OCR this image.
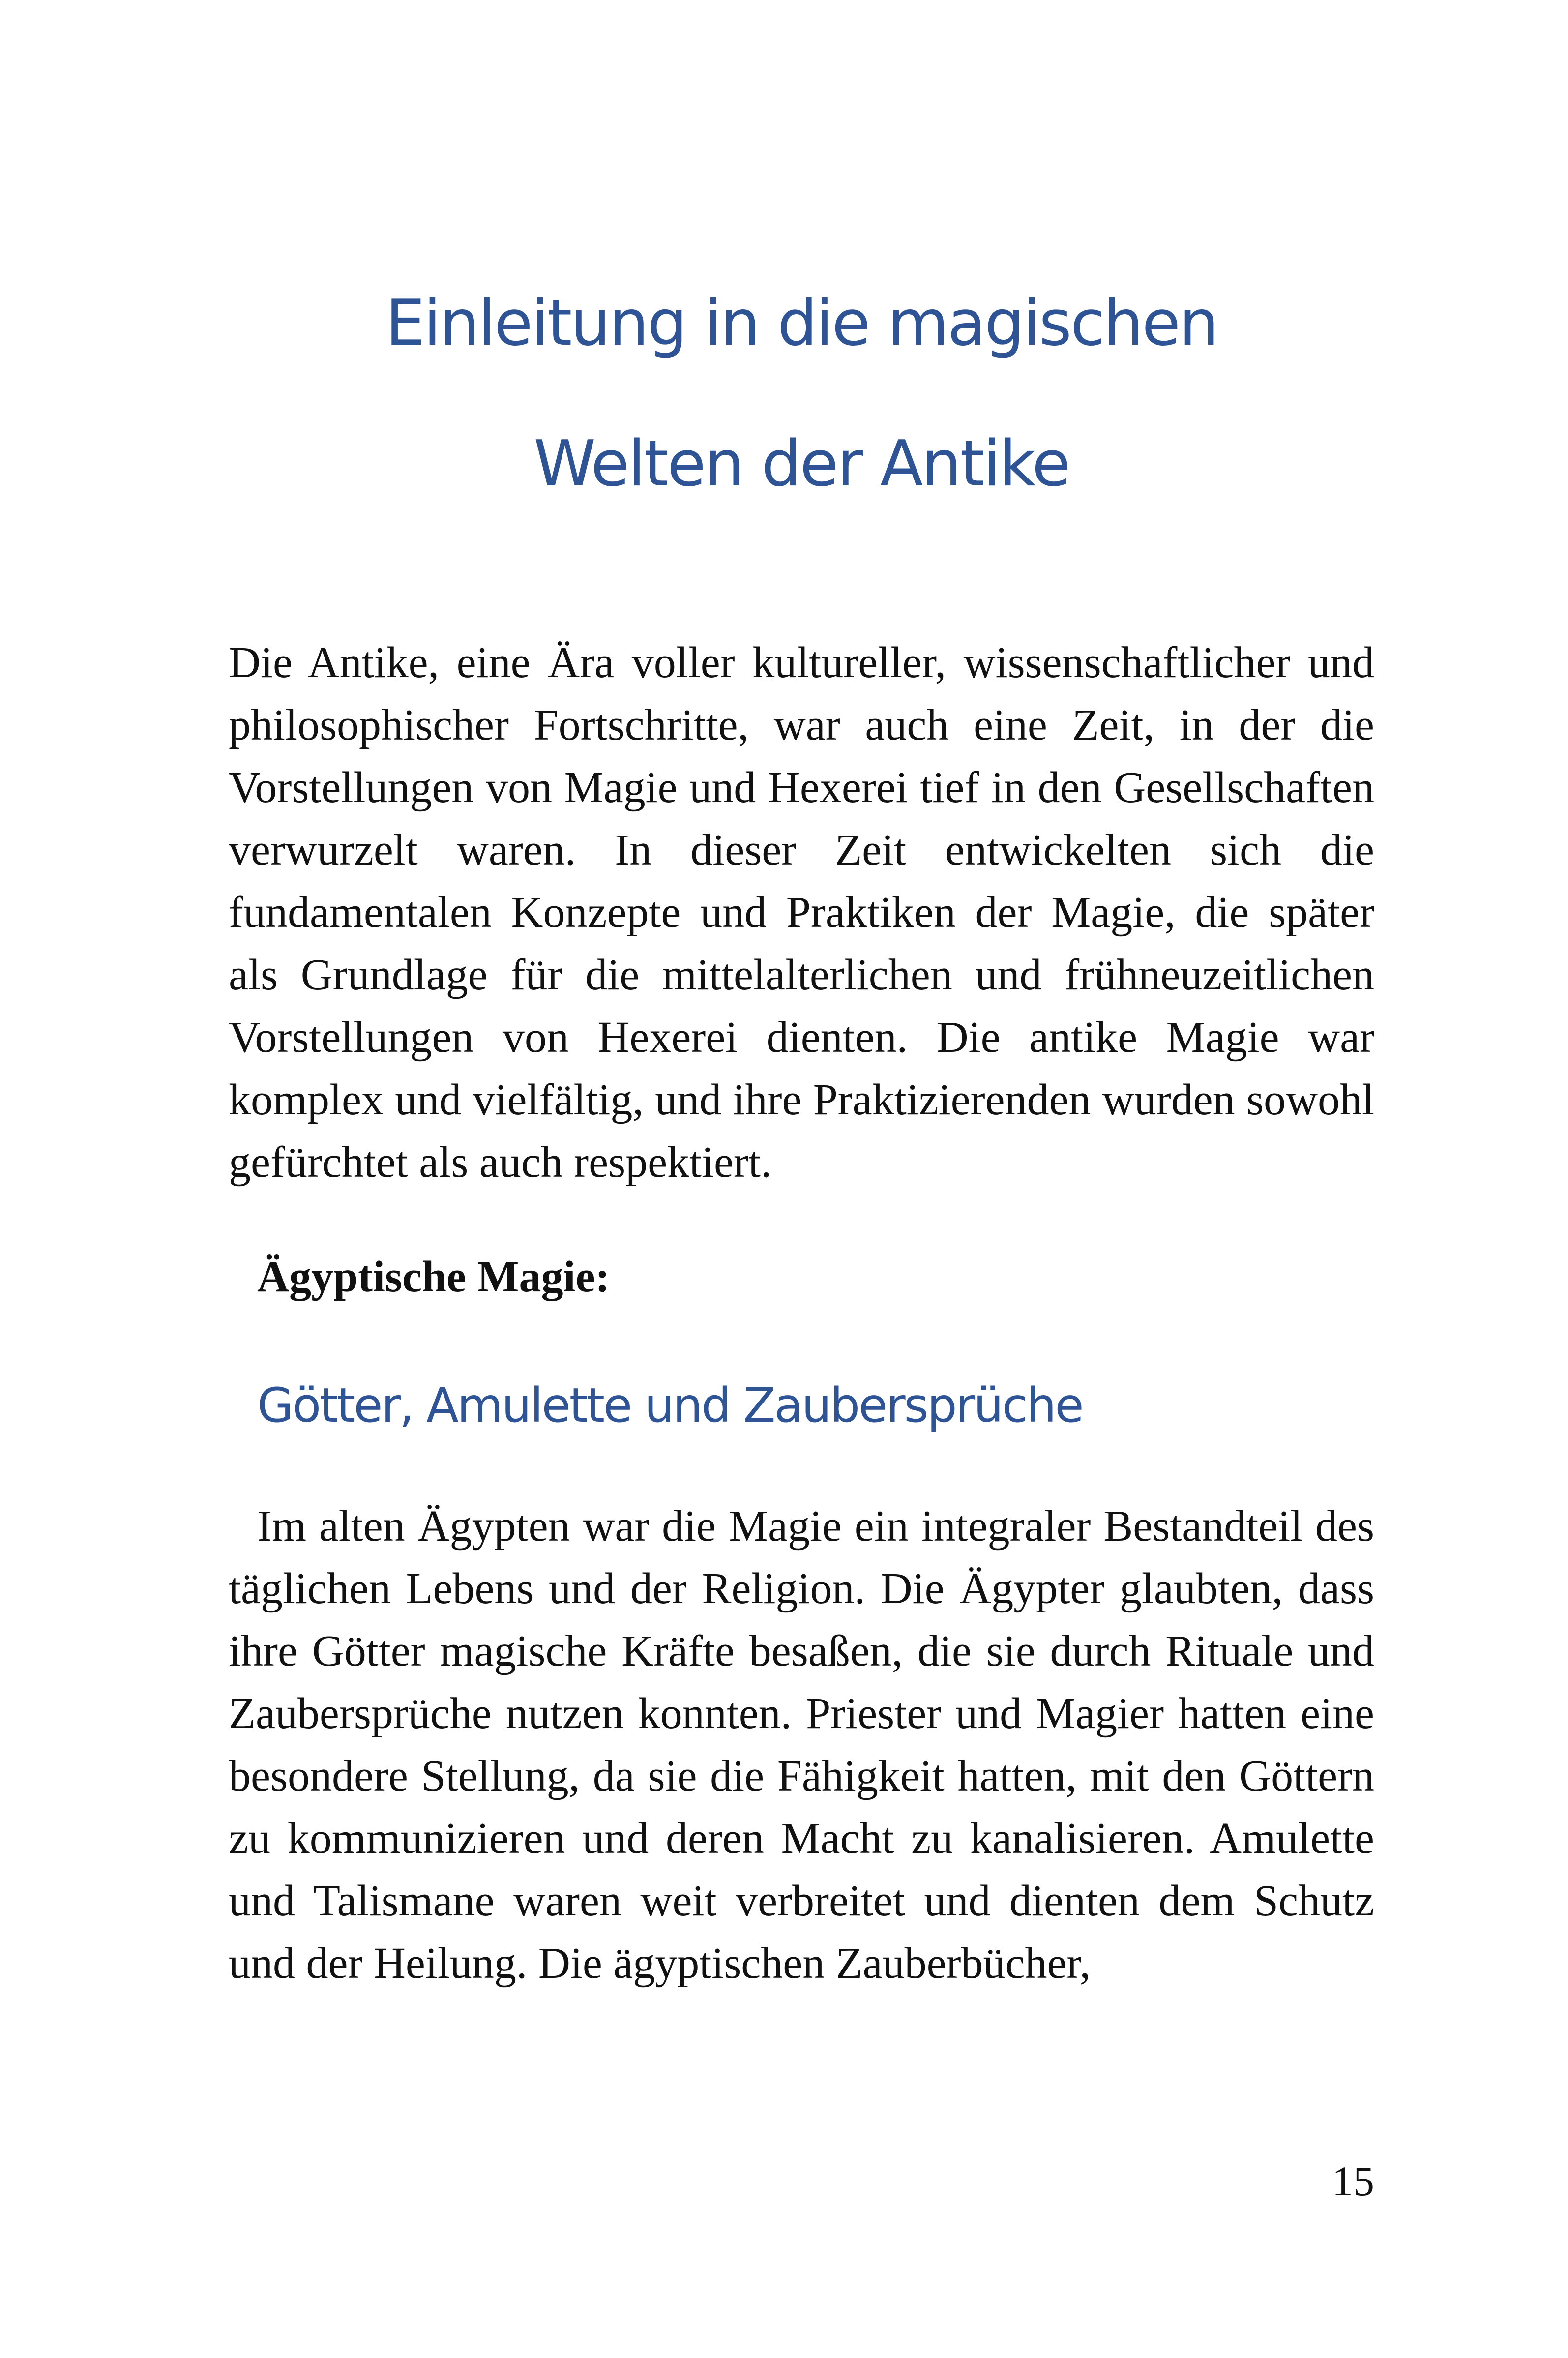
Einleitung in die magischen
Welten der Antike

Die Antike, eine Ära voller kultureller, wissenschaftlicher und philosophischer Fortschritte, war auch eine Zeit, in der die Vorstellungen von Magie und Hexerei tief in den Gesellschaften verwurzelt waren. In dieser Zeit entwickelten sich die fundamentalen Konzepte und Praktiken der Magie, die später als Grundlage für die mittelalterlichen und frühneuzeitlichen Vorstellungen von Hexerei dienten. Die antike Magie war komplex und vielfältig, und ihre Praktizierenden wurden sowohl gefürchtet als auch respektiert.

Ägyptische Magie:
Götter, Amulette und Zaubersprüche

Im alten Ägypten war die Magie ein integraler Bestandteil des täglichen Lebens und der Religion. Die Ägypter glaubten, dass ihre Götter magische Kräfte besaßen, die sie durch Rituale und Zaubersprüche nutzen konnten. Priester und Magier hatten eine besondere Stellung, da sie die Fähigkeit hatten, mit den Göttern zu kommunizieren und deren Macht zu kanalisieren. Amulette und Talismane waren weit verbreitet und dienten dem Schutz und der Heilung. Die ägyptischen Zauberbücher,

15
